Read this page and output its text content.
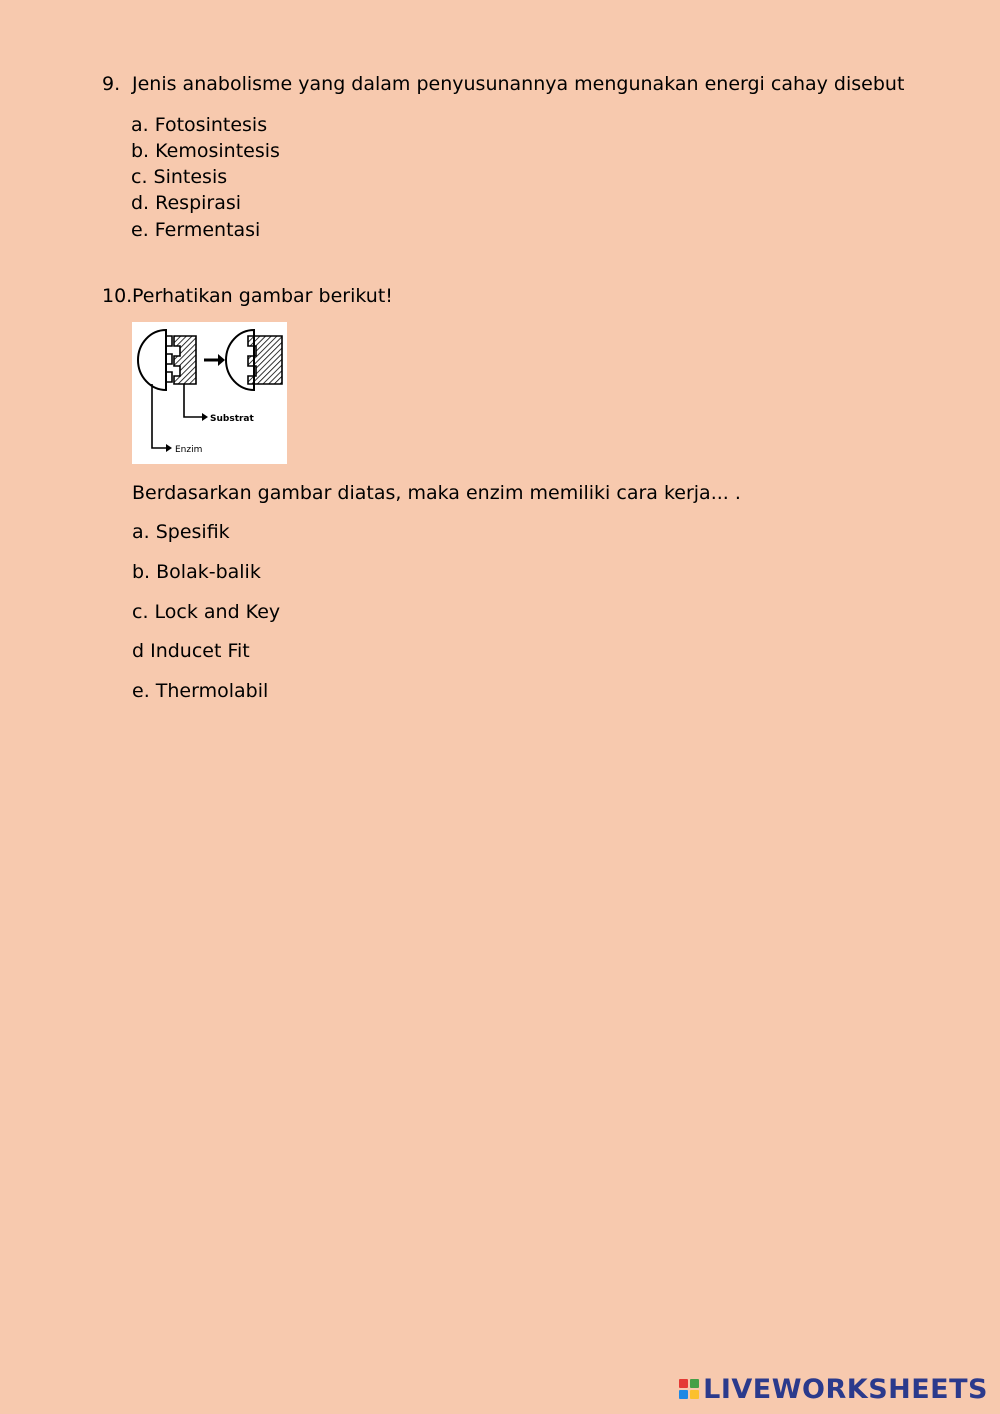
9. Jenis anabolisme yang dalam penyusunannya mengunakan energi cahay disebut
a. Fotosintesis
b. Kemosintesis
c. Sintesis
d. Respirasi
e. Fermentasi
10. Perhatikan gambar berikut!
Substrat
Enzim
Berdasarkan gambar diatas, maka enzim memiliki cara kerja... .
a. Spesifik
b. Bolak-balik
c. Lock and Key
d Inducet Fit
e. Thermolabil
LIVEWORKSHEETS
